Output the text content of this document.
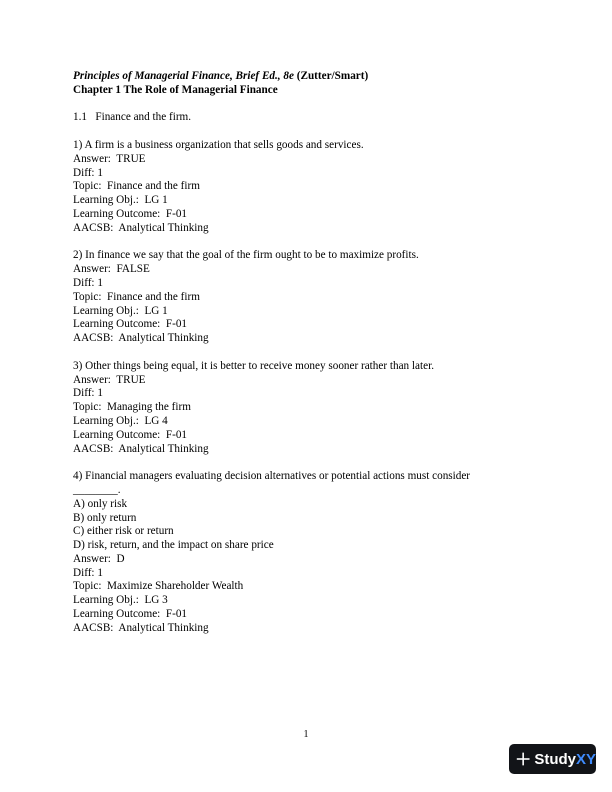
Principles of Managerial Finance, Brief Ed., 8e (Zutter/Smart)
Chapter 1 The Role of Managerial Finance
1.1   Finance and the firm.
1) A firm is a business organization that sells goods and services.
Answer:  TRUE
Diff: 1
Topic:  Finance and the firm
Learning Obj.:  LG 1
Learning Outcome:  F-01
AACSB:  Analytical Thinking
2) In finance we say that the goal of the firm ought to be to maximize profits.
Answer:  FALSE
Diff: 1
Topic:  Finance and the firm
Learning Obj.:  LG 1
Learning Outcome:  F-01
AACSB:  Analytical Thinking
3) Other things being equal, it is better to receive money sooner rather than later.
Answer:  TRUE
Diff: 1
Topic:  Managing the firm
Learning Obj.:  LG 4
Learning Outcome:  F-01
AACSB:  Analytical Thinking
4) Financial managers evaluating decision alternatives or potential actions must consider
________.
A) only risk
B) only return
C) either risk or return
D) risk, return, and the impact on share price
Answer:  D
Diff: 1
Topic:  Maximize Shareholder Wealth
Learning Obj.:  LG 3
Learning Outcome:  F-01
AACSB:  Analytical Thinking
1
Study XY
